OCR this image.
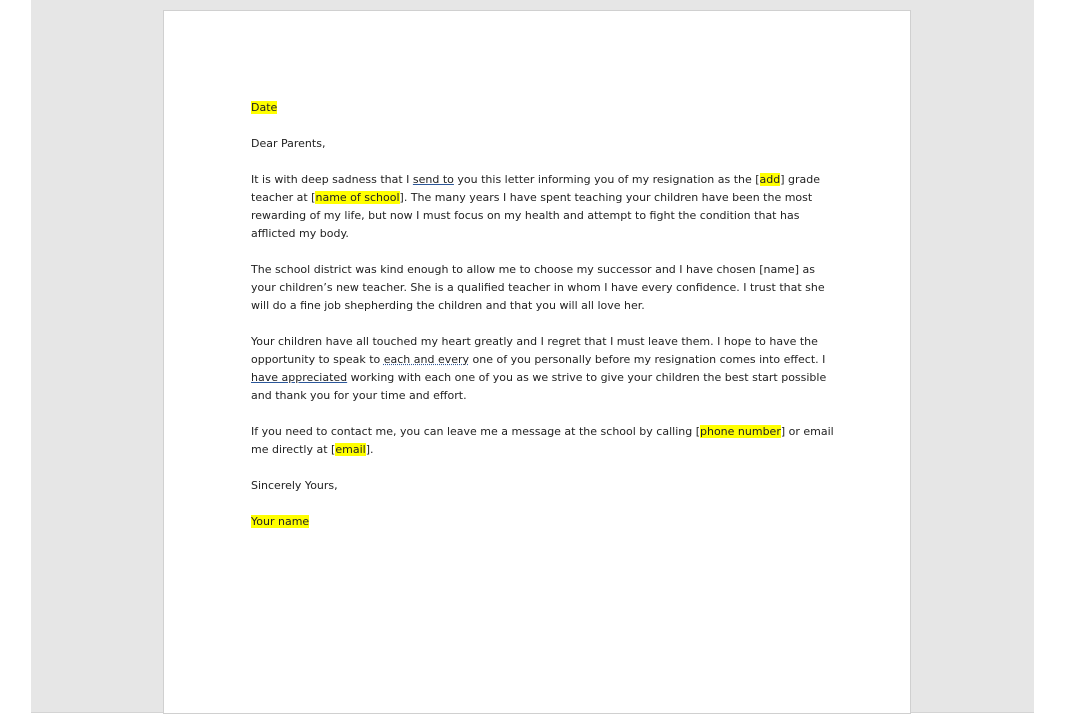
Date

Dear Parents,

It is with deep sadness that I send to you this letter informing you of my resignation as the [add] grade
teacher at [name of school]. The many years I have spent teaching your children have been the most
rewarding of my life, but now I must focus on my health and attempt to fight the condition that has
afflicted my body.

The school district was kind enough to allow me to choose my successor and I have chosen [name] as
your children’s new teacher. She is a qualified teacher in whom I have every confidence. I trust that she
will do a fine job shepherding the children and that you will all love her.

Your children have all touched my heart greatly and I regret that I must leave them. I hope to have the
opportunity to speak to each and every one of you personally before my resignation comes into effect. I
have appreciated working with each one of you as we strive to give your children the best start possible
and thank you for your time and effort.

If you need to contact me, you can leave me a message at the school by calling [phone number] or email
me directly at [email].

Sincerely Yours,

Your name
